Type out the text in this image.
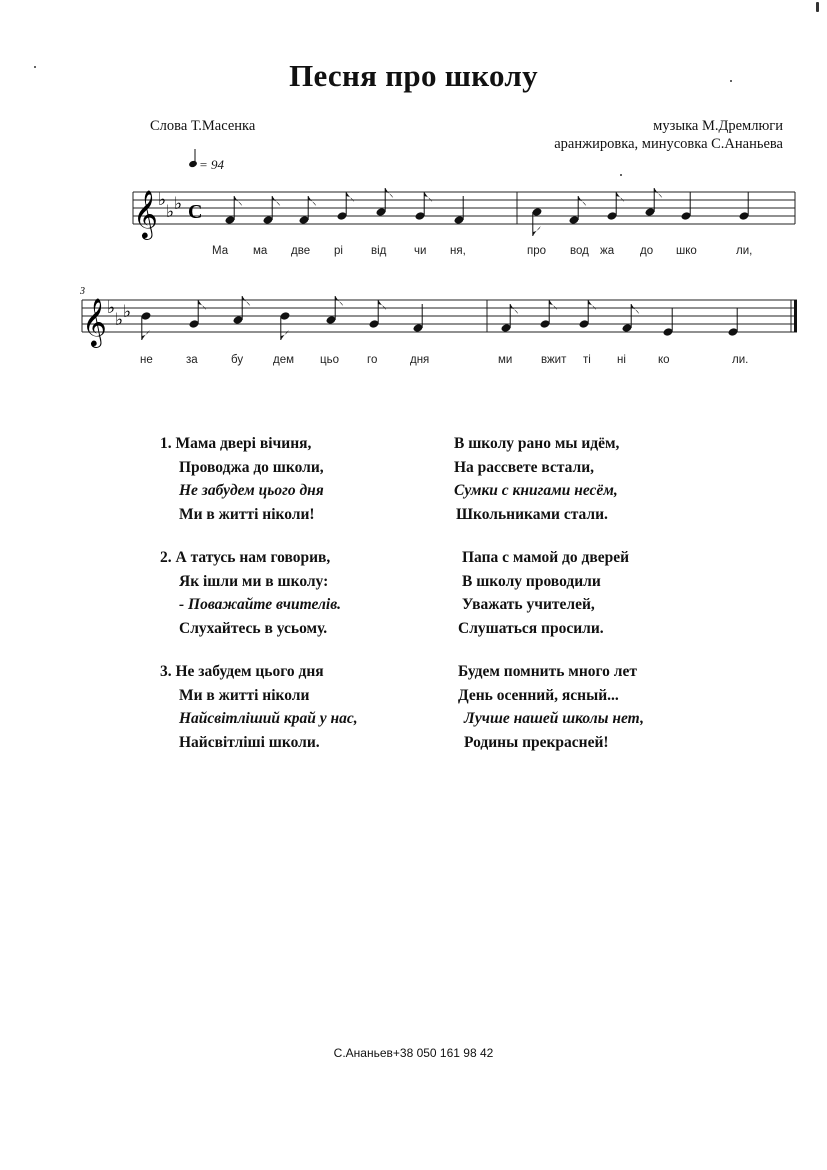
Песня про школу
Слова Т.Масенка	музыка М.Дремлюги
аранжировка, минусовка С.Ананьева
= 94
𝄞 ♭
♭ ♭ C
3
𝄞 ♭
♭ ♭
Ма ма две рі від чи ня,	про вод жа до шко	ли,
не	за	бу	дем цьо го	дня	ми вжит ті ні	ко	ли.
1. Мама двері вічиня,
Проводжа до школи,
Не забудем цього дня
Ми в житті ніколи!
2. А татусь нам говорив,
Як ішли ми в школу:
- Поважайте вчителів.
Слухайтесь в усьому.
3. Не забудем цього дня
Ми в житті ніколи
Найсвітліший край у нас,
Найсвітліші школи.
В школу рано мы идём,
На рассвете встали,
Сумки с книгами несём,
Школьниками стали.
Папа с мамой до дверей
В школу проводили
Уважать учителей,
Слушаться просили.
Будем помнить много лет
День осенний, ясный...
Лучше нашей школы нет,
Родины прекрасней!
С.Ананьев+38 050 161 98 42
